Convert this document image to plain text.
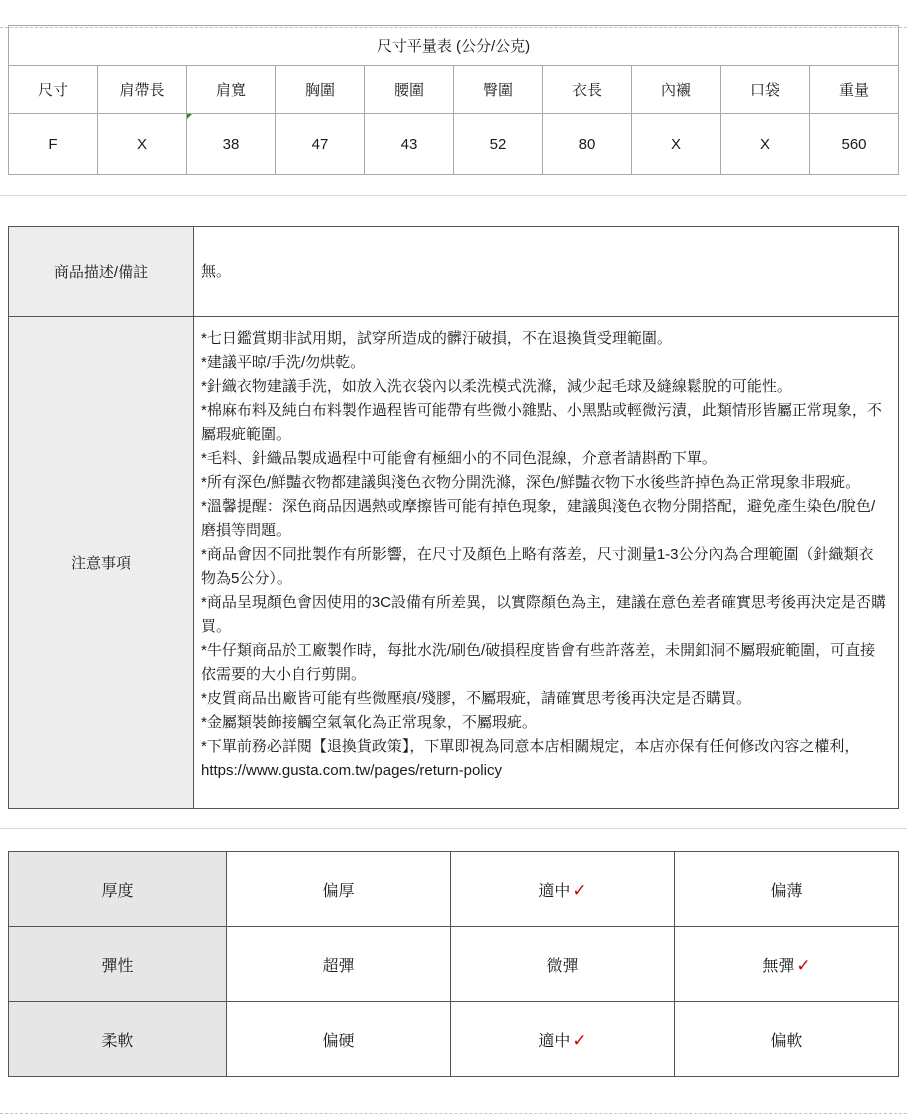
尺寸平量表 (公分/公克)									
尺寸	肩帶長	肩寬	胸圍	腰圍	臀圍	衣長	內襯	口袋	重量
F	X	38	47	43	52	80	X	X	560
商品描述/備註	無。

注意事項	
*七日鑑賞期非試用期，試穿所造成的髒汙破損，不在退換貨受理範圍。
*建議平晾/手洗/勿烘乾。
*針織衣物建議手洗，如放入洗衣袋內以柔洗模式洗滌，減少起毛球及縫線鬆脫的可能性。
*棉麻布料及純白布料製作過程皆可能帶有些微小雜點、小黑點或輕微污漬，此類情形皆屬正常現象，不屬瑕疵範圍。
*毛料、針織品製成過程中可能會有極細小的不同色混線，介意者請斟酌下單。
*所有深色/鮮豔衣物都建議與淺色衣物分開洗滌，深色/鮮豔衣物下水後些許掉色為正常現象非瑕疵。
*溫馨提醒：深色商品因遇熱或摩擦皆可能有掉色現象，建議與淺色衣物分開搭配，避免產生染色/脫色/磨損等問題。
*商品會因不同批製作有所影響，在尺寸及顏色上略有落差，尺寸測量1-3公分內為合理範圍（針織類衣物為5公分）。
*商品呈現顏色會因使用的3C設備有所差異，以實際顏色為主，建議在意色差者確實思考後再決定是否購買。
*牛仔類商品於工廠製作時，每批水洗/刷色/破損程度皆會有些許落差，未開釦洞不屬瑕疵範圍，可直接依需要的大小自行剪開。
*皮質商品出廠皆可能有些微壓痕/殘膠，不屬瑕疵，請確實思考後再決定是否購買。
*金屬類裝飾接觸空氣氧化為正常現象，不屬瑕疵。
*下單前務必詳閱【退換貨政策】，下單即視為同意本店相關規定，本店亦保有任何修改內容之權利，https://www.gusta.com.tw/pages/return-policy
厚度	偏厚	適中 ✓	偏薄
彈性	超彈	微彈	無彈 ✓
柔軟	偏硬	適中 ✓	偏軟
